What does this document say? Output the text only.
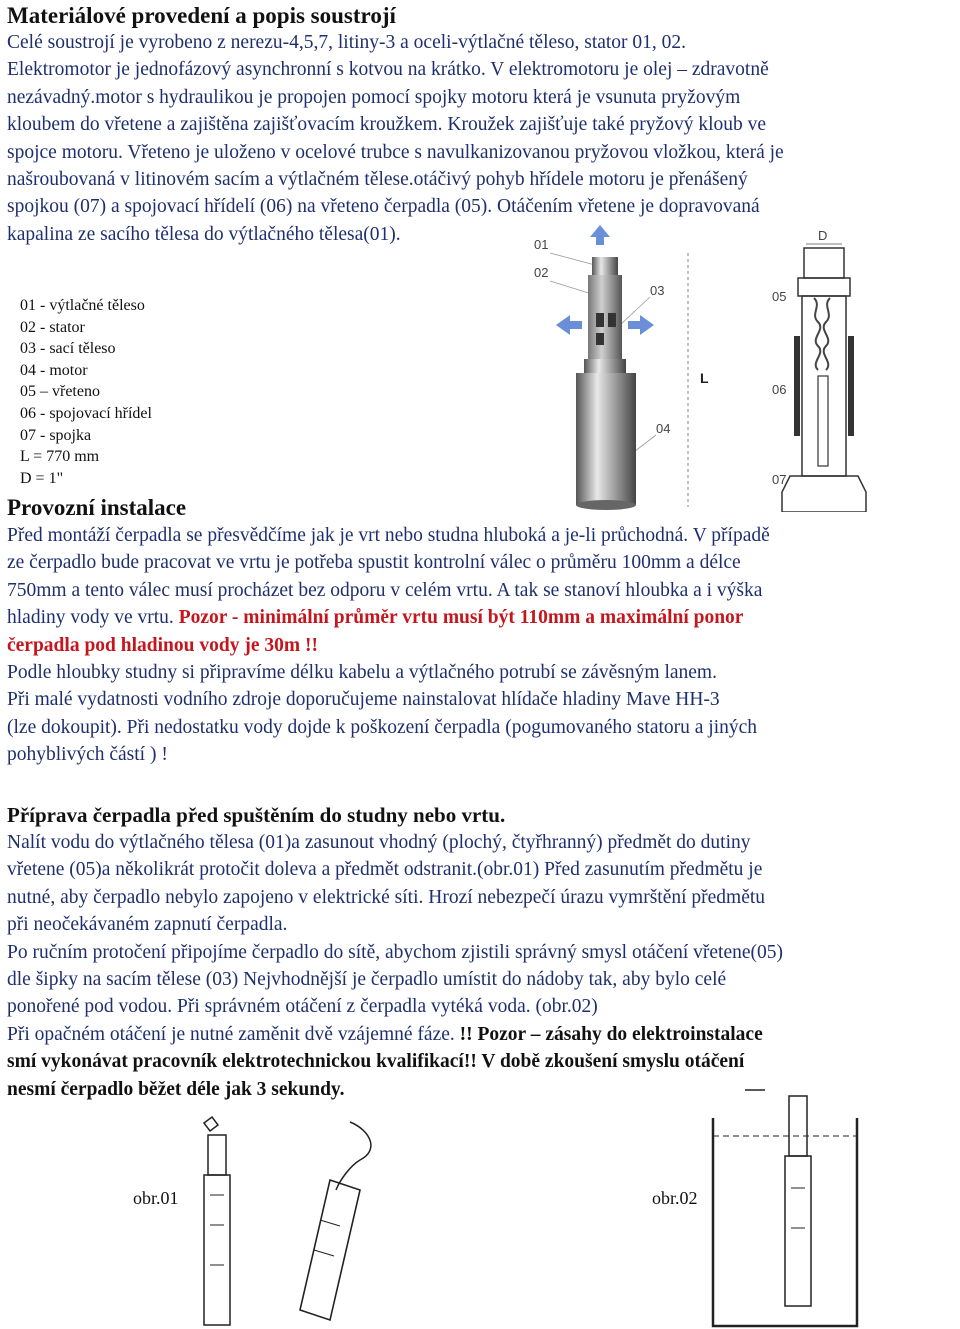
Materiálové provedení a popis soustrojí
Celé soustrojí je vyrobeno z nerezu-4,5,7, litiny-3 a oceli-výtlačné těleso, stator 01, 02.
Elektromotor je jednofázový asynchronní s kotvou na krátko. V elektromotoru je olej – zdravotně
nezávadný.motor s hydraulikou je propojen pomocí spojky motoru která je vsunuta pryžovým
kloubem do vřetene a zajištěna zajišťovacím kroužkem. Kroužek zajišťuje také pryžový kloub ve
spojce motoru. Vřeteno je uloženo v ocelové trubce s navulkanizovanou pryžovou vložkou, která je
našroubovaná v litinovém sacím a výtlačném tělese.otáčivý pohyb hřídele motoru je přenášený
spojkou (07) a spojovací hřídelí (06) na vřeteno čerpadla (05). Otáčením vřetene je dopravovaná
kapalina ze sacího tělesa do výtlačného tělesa(01).
01 - výtlačné těleso
02 - stator
03 - sací těleso
04 - motor
05 – vřeteno
06 - spojovací hřídel
07 - spojka
L = 770 mm
D = 1"
01
02
03
04
L
D
05
06
07
Provozní instalace
Před montáží čerpadla se přesvědčíme jak je vrt nebo studna hluboká a je-li průchodná. V případě
ze čerpadlo bude pracovat ve vrtu je potřeba spustit kontrolní válec o průměru 100mm a délce
750mm a tento válec musí procházet bez odporu v celém vrtu. A tak se stanoví hloubka a i výška
hladiny vody ve vrtu. Pozor - minimální průměr vrtu musí být 110mm a maximální ponor
čerpadla pod hladinou vody je 30m !!
Podle hloubky studny si připravíme délku kabelu a výtlačného potrubí se závěsným lanem.
Při malé vydatnosti vodního zdroje doporučujeme nainstalovat hlídače hladiny Mave HH-3
(lze dokoupit). Při nedostatku vody dojde k poškození čerpadla (pogumovaného statoru a jiných
pohyblivých částí ) !
Příprava čerpadla před spuštěním do studny nebo vrtu.
Nalít vodu do výtlačného tělesa (01)a zasunout vhodný (plochý, čtyřhranný) předmět do dutiny
vřetene (05)a několikrát protočit doleva a předmět odstranit.(obr.01) Před zasunutím předmětu je
nutné, aby čerpadlo nebylo zapojeno v elektrické síti. Hrozí nebezpečí úrazu vymrštění předmětu
při neočekávaném zapnutí čerpadla.
Po ručním protočení připojíme čerpadlo do sítě, abychom zjistili správný smysl otáčení vřetene(05)
dle šipky na sacím tělese (03) Nejvhodnější je čerpadlo umístit do nádoby tak, aby bylo celé
ponořené pod vodou. Při správném otáčení z čerpadla vytéká voda. (obr.02)
Při opačném otáčení je nutné zaměnit dvě vzájemné fáze. !! Pozor – zásahy do elektroinstalace
smí vykonávat pracovník elektrotechnickou kvalifikací!! V době zkoušení smyslu otáčení
nesmí čerpadlo běžet déle jak 3 sekundy.
obr.01	obr.02
